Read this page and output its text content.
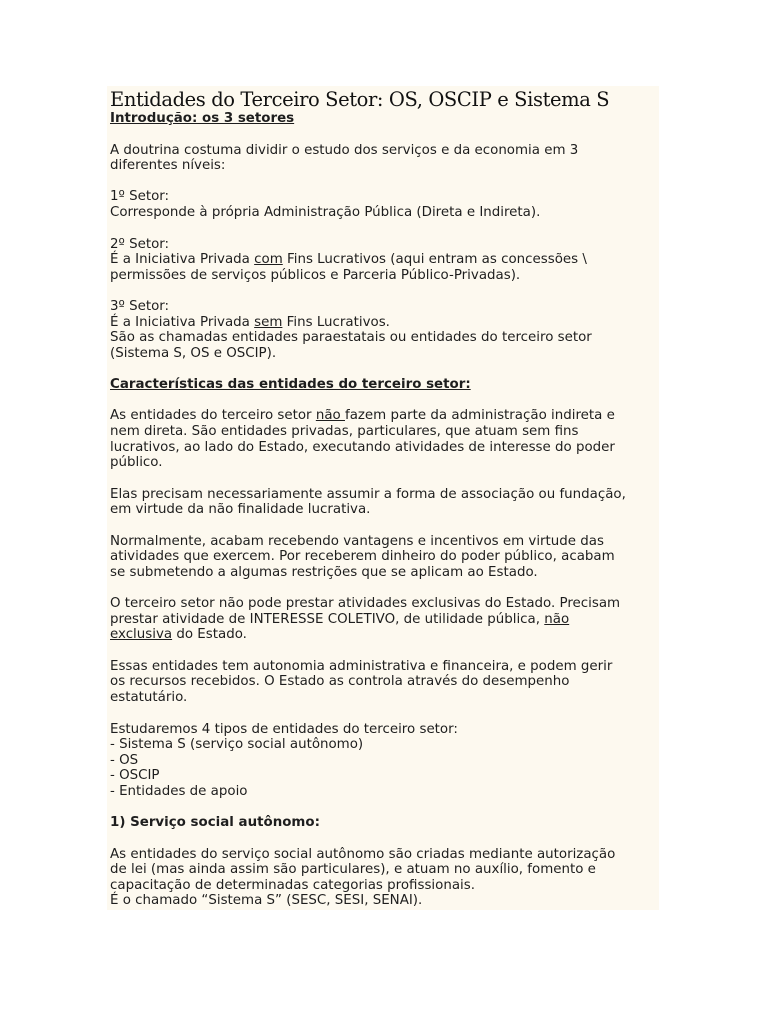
Entidades do Terceiro Setor: OS, OSCIP e Sistema S
Introdução: os 3 setores
A doutrina costuma dividir o estudo dos serviços e da economia em 3
diferentes níveis:
1º Setor:
Corresponde à própria Administração Pública (Direta e Indireta).
2º Setor:
É a Iniciativa Privada com Fins Lucrativos (aqui entram as concessões \
permissões de serviços públicos e Parceria Público-Privadas).
3º Setor:
É a Iniciativa Privada sem Fins Lucrativos.
São as chamadas entidades paraestatais ou entidades do terceiro setor
(Sistema S, OS e OSCIP).
Características das entidades do terceiro setor:
As entidades do terceiro setor não fazem parte da administração indireta e
nem direta. São entidades privadas, particulares, que atuam sem fins
lucrativos, ao lado do Estado, executando atividades de interesse do poder
público.
Elas precisam necessariamente assumir a forma de associação ou fundação,
em virtude da não finalidade lucrativa.
Normalmente, acabam recebendo vantagens e incentivos em virtude das
atividades que exercem. Por receberem dinheiro do poder público, acabam
se submetendo a algumas restrições que se aplicam ao Estado.
O terceiro setor não pode prestar atividades exclusivas do Estado. Precisam
prestar atividade de INTERESSE COLETIVO, de utilidade pública, não
exclusiva do Estado.
Essas entidades tem autonomia administrativa e financeira, e podem gerir
os recursos recebidos. O Estado as controla através do desempenho
estatutário.
Estudaremos 4 tipos de entidades do terceiro setor:
- Sistema S (serviço social autônomo)
- OS
- OSCIP
- Entidades de apoio
1) Serviço social autônomo:
As entidades do serviço social autônomo são criadas mediante autorização
de lei (mas ainda assim são particulares), e atuam no auxílio, fomento e
capacitação de determinadas categorias profissionais.
É o chamado “Sistema S” (SESC, SESI, SENAI).
